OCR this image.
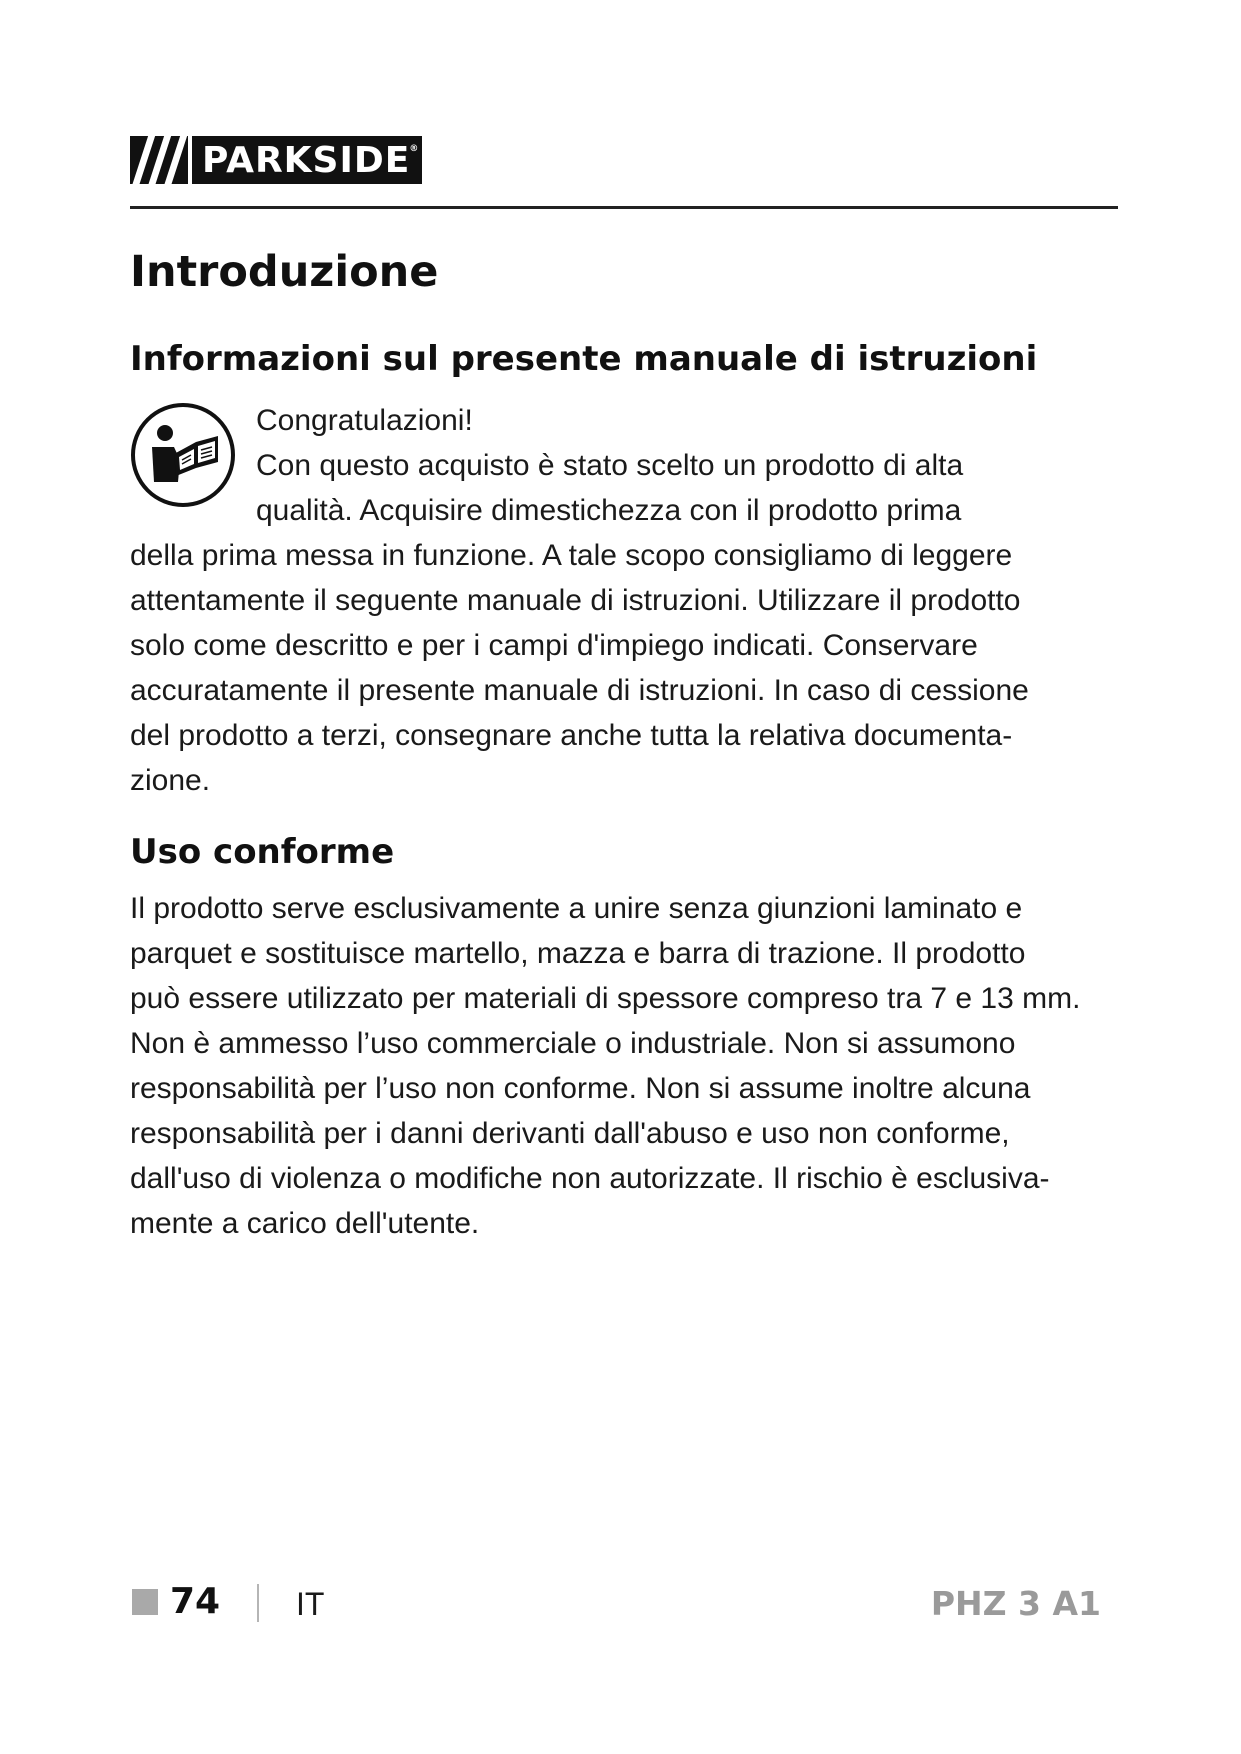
PARKSIDE®
Introduzione
Informazioni sul presente manuale di istruzioni
Congratulazioni!
Con questo acquisto è stato scelto un prodotto di alta
qualità. Acquisire dimestichezza con il prodotto prima
della prima messa in funzione. A tale scopo consigliamo di leggere
attentamente il seguente manuale di istruzioni. Utilizzare il prodotto
solo come descritto e per i campi d'impiego indicati. Conservare
accuratamente il presente manuale di istruzioni. In caso di cessione
del prodotto a terzi, consegnare anche tutta la relativa documenta-
zione.
Uso conforme
Il prodotto serve esclusivamente a unire senza giunzioni laminato e
parquet e sostituisce martello, mazza e barra di trazione. Il prodotto
può essere utilizzato per materiali di spessore compreso tra 7 e 13 mm.
Non è ammesso l’uso commerciale o industriale. Non si assumono
responsabilità per l’uso non conforme. Non si assume inoltre alcuna
responsabilità per i danni derivanti dall'abuso e uso non conforme,
dall'uso di violenza o modifiche non autorizzate. Il rischio è esclusiva-
mente a carico dell'utente.

74 IT	PHZ 3 A1
